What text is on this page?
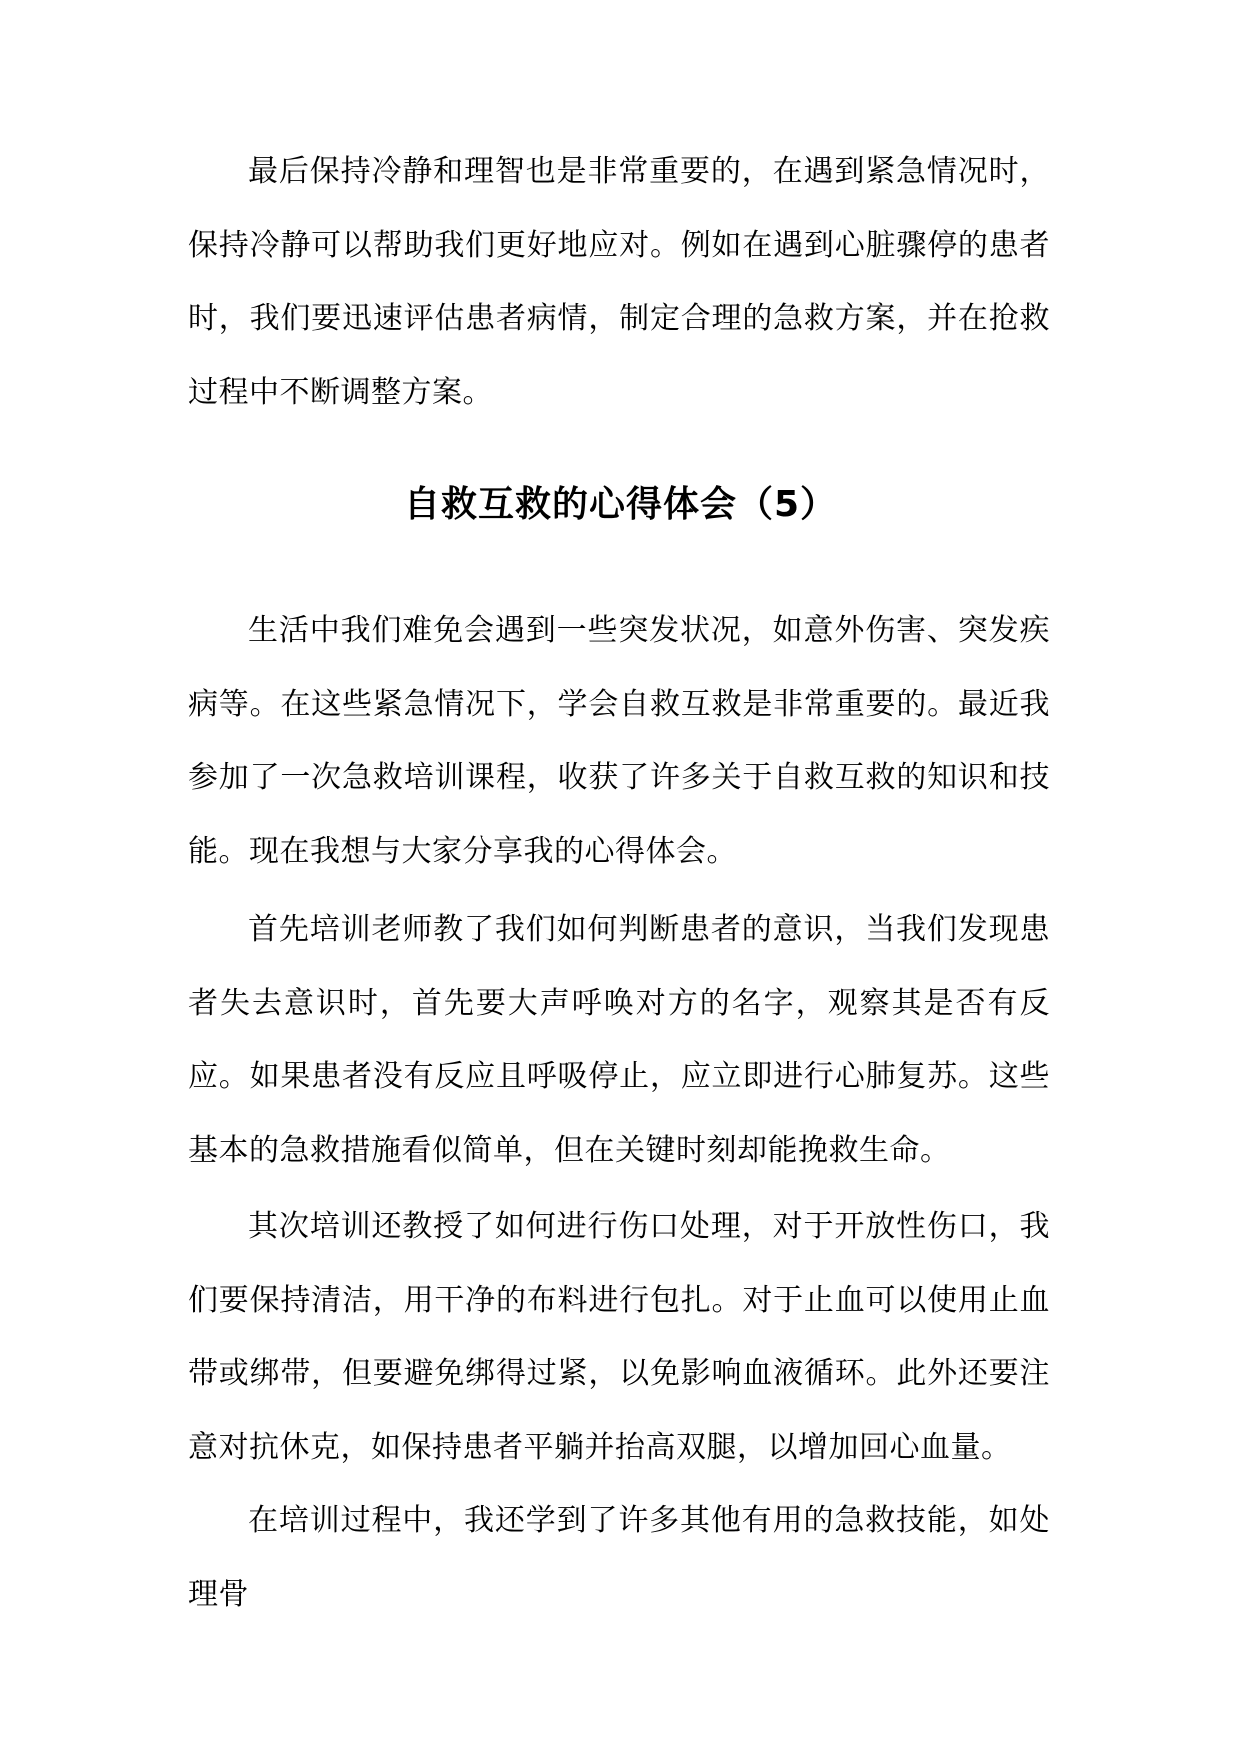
最后保持冷静和理智也是非常重要的，在遇到紧急情况时，保持冷静可以帮助我们更好地应对。例如在遇到心脏骤停的患者时，我们要迅速评估患者病情，制定合理的急救方案，并在抢救过程中不断调整方案。

自救互救的心得体会（5）

生活中我们难免会遇到一些突发状况，如意外伤害、突发疾病等。在这些紧急情况下，学会自救互救是非常重要的。最近我参加了一次急救培训课程，收获了许多关于自救互救的知识和技能。现在我想与大家分享我的心得体会。

首先培训老师教了我们如何判断患者的意识，当我们发现患者失去意识时，首先要大声呼唤对方的名字，观察其是否有反应。如果患者没有反应且呼吸停止，应立即进行心肺复苏。这些基本的急救措施看似简单，但在关键时刻却能挽救生命。

其次培训还教授了如何进行伤口处理，对于开放性伤口，我们要保持清洁，用干净的布料进行包扎。对于止血可以使用止血带或绑带，但要避免绑得过紧，以免影响血液循环。此外还要注意对抗休克，如保持患者平躺并抬高双腿，以增加回心血量。

在培训过程中，我还学到了许多其他有用的急救技能，如处理骨
